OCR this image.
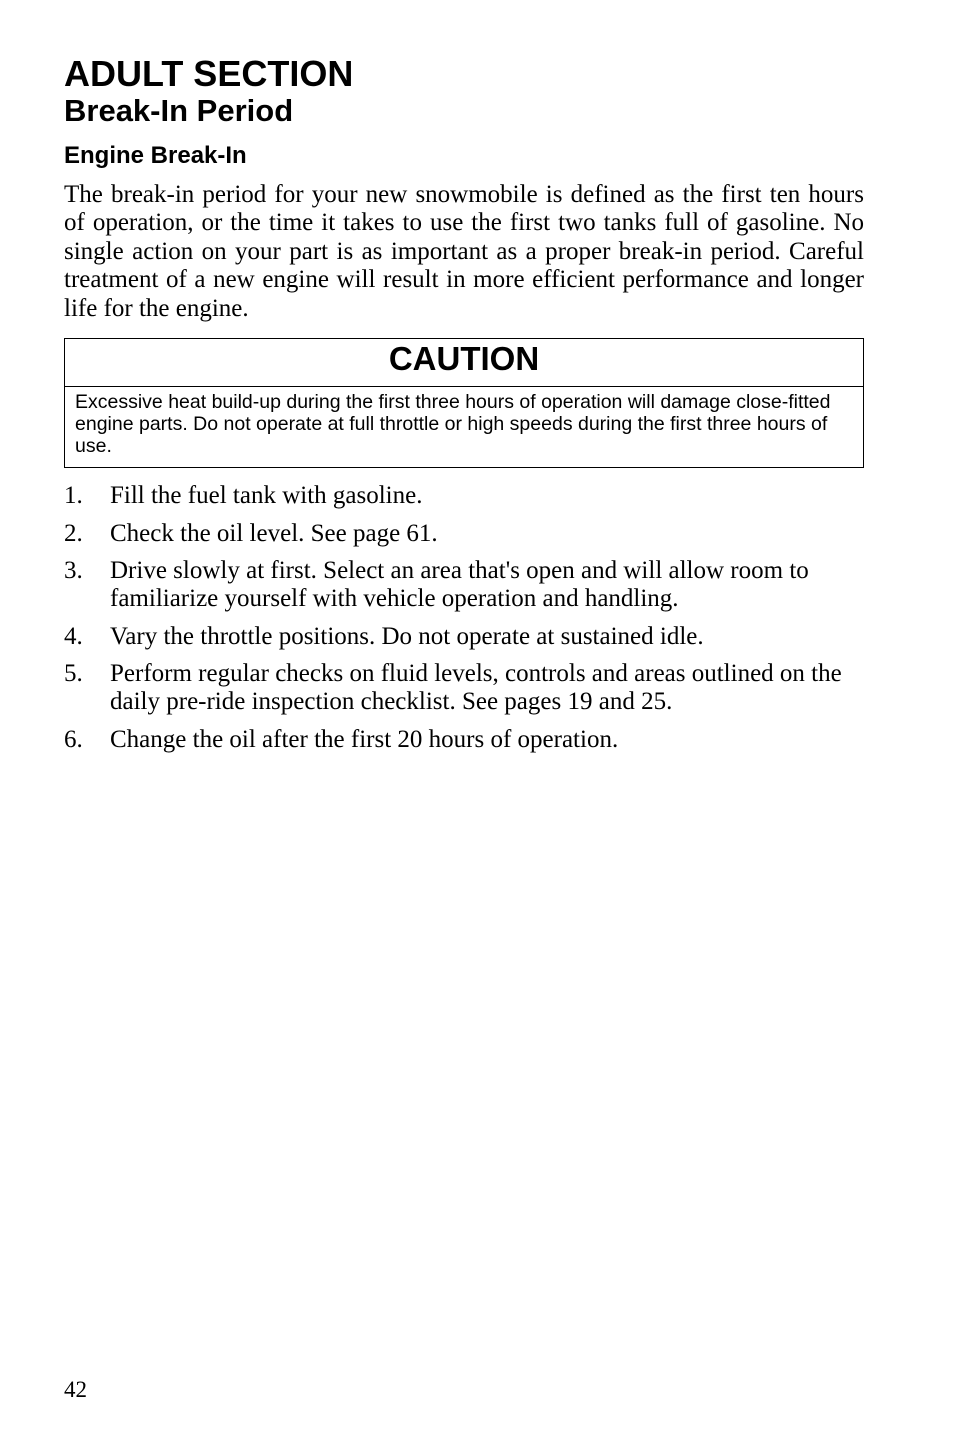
ADULT SECTION
Break-In Period
Engine Break-In

The break-in period for your new snowmobile is defined as the first ten hours of operation, or the time it takes to use the first two tanks full of gasoline. No single action on your part is as important as a proper break-in period. Careful treatment of a new engine will result in more efficient performance and longer life for the engine.

CAUTION
Excessive heat build-up during the first three hours of operation will damage close-fitted engine parts. Do not operate at full throttle or high speeds during the first three hours of use.
1. Fill the fuel tank with gasoline.
2. Check the oil level. See page 61.
3. Drive slowly at first. Select an area that's open and will allow room to familiarize yourself with vehicle operation and handling.
4. Vary the throttle positions. Do not operate at sustained idle.
5. Perform regular checks on fluid levels, controls and areas outlined on the daily pre-ride inspection checklist. See pages 19 and 25.
6. Change the oil after the first 20 hours of operation.
42
